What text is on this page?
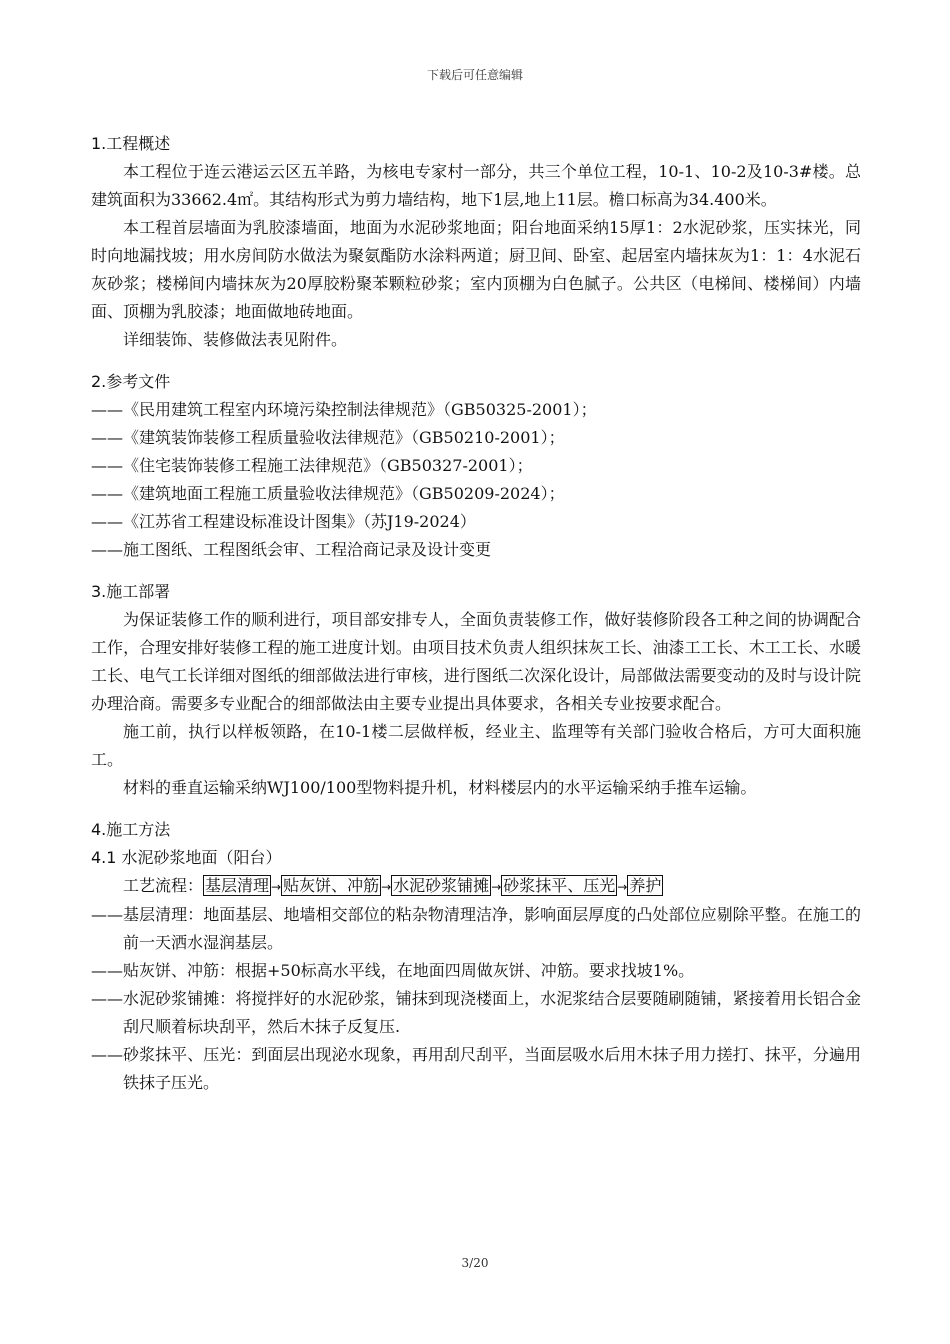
下载后可任意编辑
1.工程概述

本工程位于连云港运云区五羊路，为核电专家村一部分，共三个单位工程，10-1、10-2及10-3#楼。总建筑面积为33662.4㎡。其结构形式为剪力墙结构，地下1层,地上11层。檐口标高为34.400米。

本工程首层墙面为乳胶漆墙面，地面为水泥砂浆地面；阳台地面采纳15厚1：2水泥砂浆，压实抹光，同时向地漏找坡；用水房间防水做法为聚氨酯防水涂料两道；厨卫间、卧室、起居室内墙抹灰为1：1：4水泥石灰砂浆；楼梯间内墙抹灰为20厚胶粉聚苯颗粒砂浆；室内顶棚为白色腻子。公共区（电梯间、楼梯间）内墙面、顶棚为乳胶漆；地面做地砖地面。

详细装饰、装修做法表见附件。

2.参考文件
——《民用建筑工程室内环境污染控制法律规范》（GB50325-2001）；
——《建筑装饰装修工程质量验收法律规范》（GB50210-2001）；
——《住宅装饰装修工程施工法律规范》（GB50327-2001）；
——《建筑地面工程施工质量验收法律规范》（GB50209-2024）；
——《江苏省工程建设标准设计图集》（苏J19-2024）
——施工图纸、工程图纸会审、工程洽商记录及设计变更
3.施工部署

为保证装修工作的顺利进行，项目部安排专人，全面负责装修工作，做好装修阶段各工种之间的协调配合工作，合理安排好装修工程的施工进度计划。由项目技术负责人组织抹灰工长、油漆工工长、木工工长、水暖工长、电气工长详细对图纸的细部做法进行审核，进行图纸二次深化设计，局部做法需要变动的及时与设计院办理洽商。需要多专业配合的细部做法由主要专业提出具体要求，各相关专业按要求配合。

施工前，执行以样板领路，在10-1楼二层做样板，经业主、监理等有关部门验收合格后，方可大面积施工。

材料的垂直运输采纳WJ100/100型物料提升机，材料楼层内的水平运输采纳手推车运输。

4.施工方法
4.1 水泥砂浆地面（阳台）
工艺流程： 基层清理 → 贴灰饼、冲筋 → 水泥砂浆铺摊 → 砂浆抹平、压光 → 养护

——基层清理：地面基层、地墙相交部位的粘杂物清理洁净，影响面层厚度的凸处部位应剔除平整。在施工的前一天洒水湿润基层。

——贴灰饼、冲筋：根据+50标高水平线，在地面四周做灰饼、冲筋。要求找坡1%。

——水泥砂浆铺摊：将搅拌好的水泥砂浆，铺抹到现浇楼面上，水泥浆结合层要随刷随铺，紧接着用长铝合金刮尺顺着标块刮平，然后木抹子反复压.

——砂浆抹平、压光：到面层出现泌水现象，再用刮尺刮平，当面层吸水后用木抹子用力搓打、抹平，分遍用铁抹子压光。

3/20
